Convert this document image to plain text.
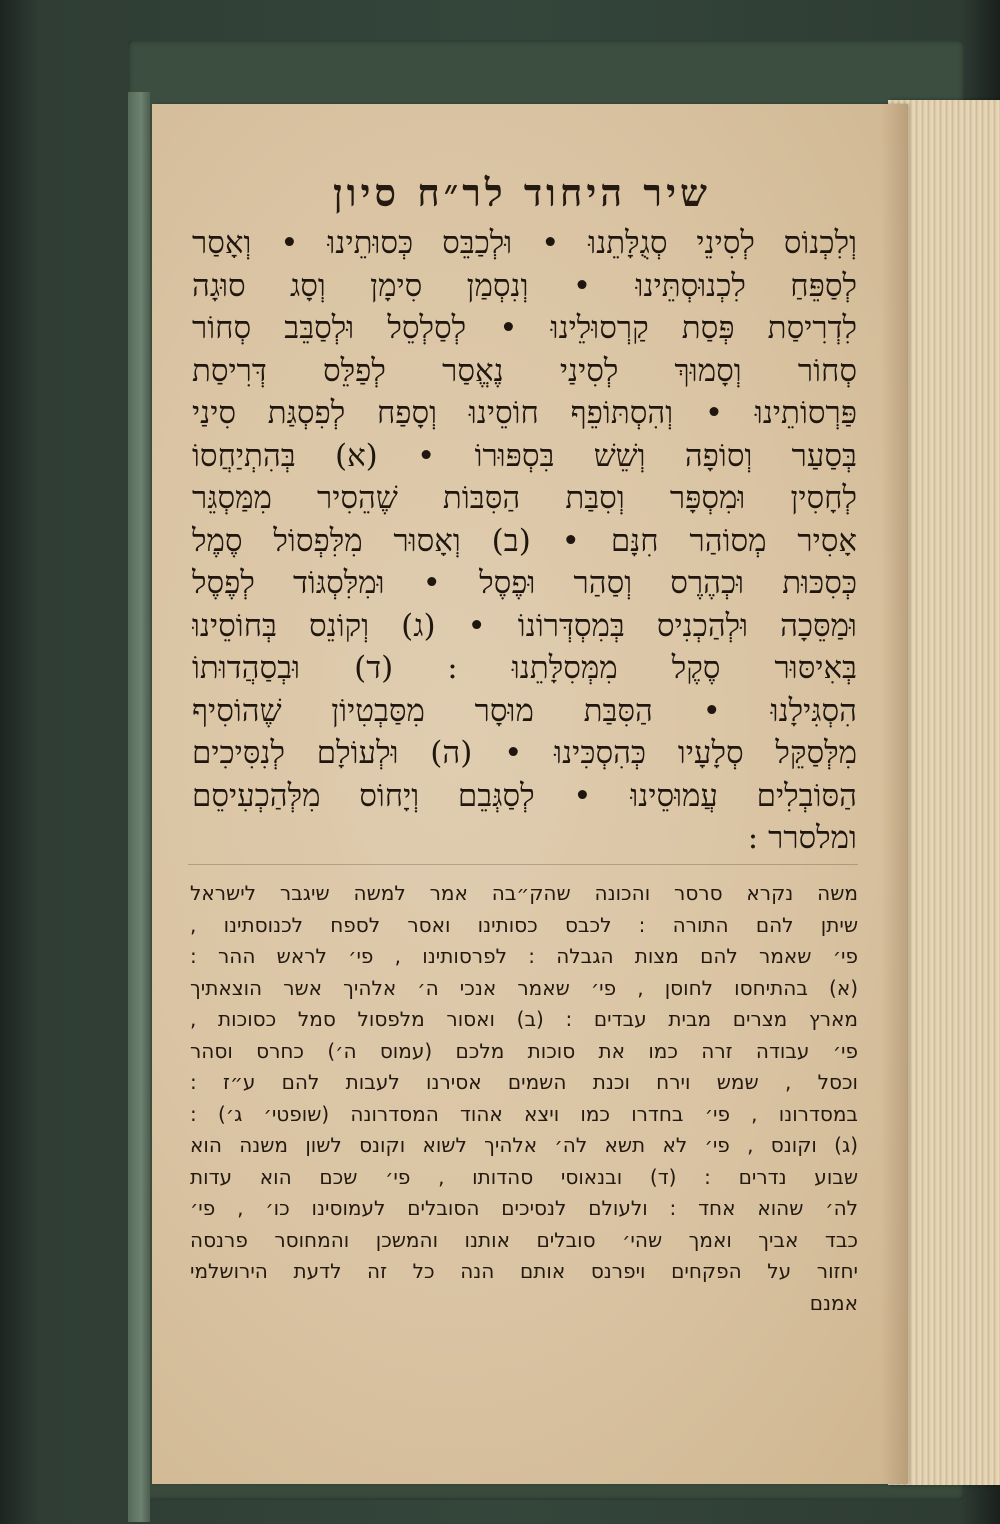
שיר היחוד לר״ח סיון
וְלִכְנוֹס לְסִינֵי סְגֻלָּתֵנוּ • וּלְכַבֵּס כְּסוּתֵינוּ • וְאָסַר
לְסַפֵּחַ לִכְנוּסְתֵּינוּ • וְנִסְמַן סִימָן וְסָג סוּגָה
לִדְרִיסַת פְּסַת קַרְסוּלֵינוּ • לְסַלְסֵל וּלְסַבֵּב סְחוֹר
סְחוֹר וְסָמוּךְ לְסִינַי נֶאֱסַר לְפַלֵּס דְּרִיסַת
פַּרְסוֹתֵינוּ • וְהִסְתּוֹפֵף חוֹסֵינוּ וְסָפַח לְפִסְגַּת סִינַי
בְּסַעַר וְסוֹפָה וְשֵׁשׁ בִּסְפּוּרוֹ • (א) בְּהִתְיַחֲסוֹ
לְחָסִין וּמִסְפָּר וְסִבַּת הַסִּבּוֹת שֶׁהֵסִיר מִמַּסְגֵּר
אָסִיר מְסוֹהַר חִנָּם • (ב) וְאָסוּר מִלִּפְסוֹל סֶמֶל
כְּסִכּוּת וּכְהֶרֶס וְסַהַר וּפֶסֶל • וּמִלִּסְגּוֹד לְפֶסֶל
וּמַסֵּכָה וּלְהַכְנִיס בְּמִסְדְּרוֹנוֹ • (ג) וְקוֹנֵס בְּחוֹסֵינוּ
בְּאִיסּוּר סֶקֶל מִמְּסִלָּתֵנוּ : (ד) וּבְסַהֲדוּתוֹ
הִסְגִּילָנוּ • הַסִּבַּת מוּסָר מִסַּבְטִיוֹן שֶׁהוֹסִיף
מִלְּסַקֵּל סְלָעָיו כְּהִסְכִּינוּ • (ה) וּלְעוֹלָם לְנִסִּיכִים
הַסּוֹבְלִים עֲמוּסֵינוּ • לְסַגְּבֵם וְיָחוֹס מִלְּהַכְעִיסֵם
ומלסרר :
משה נקרא סרסר והכונה שהק״בה אמר למשה שיגבר לישראל
שיתן להם התורה : לכבס כסותינו ואסר לספח לכנוסתינו ,
פי׳ שאמר להם מצות הגבלה : לפרסותינו , פי׳ לראש ההר :
(א) בהתיחסו לחוסן , פי׳ שאמר אנכי ה׳ אלהיך אשר הוצאתיך
מארץ מצרים מבית עבדים : (ב) ואסור מלפסול סמל כסוכות ,
פי׳ עבודה זרה כמו את סוכות מלכם (עמוס ה׳) כחרס וסהר
וכסל , שמש וירח וכנת השמים אסירנו לעבות להם ע״ז :
במסדרונו , פי׳ בחדרו כמו ויצא אהוד המסדרונה (שופטי׳ ג׳) :
(ג) וקונס , פי׳ לא תשא לה׳ אלהיך לשוא וקונס לשון משנה הוא
שבוע נדרים : (ד) ובנאוסי סהדותו , פי׳ שכם הוא עדות
לה׳ שהוא אחד : ולעולם לנסיכים הסובלים לעמוסינו כו׳ , פי׳
כבד אביך ואמך שהי׳ סובלים אותנו והמשכן והמחוסר פרנסה
יחזור על הפקחים ויפרנס אותם הנה כל זה לדעת הירושלמי
אמנם
